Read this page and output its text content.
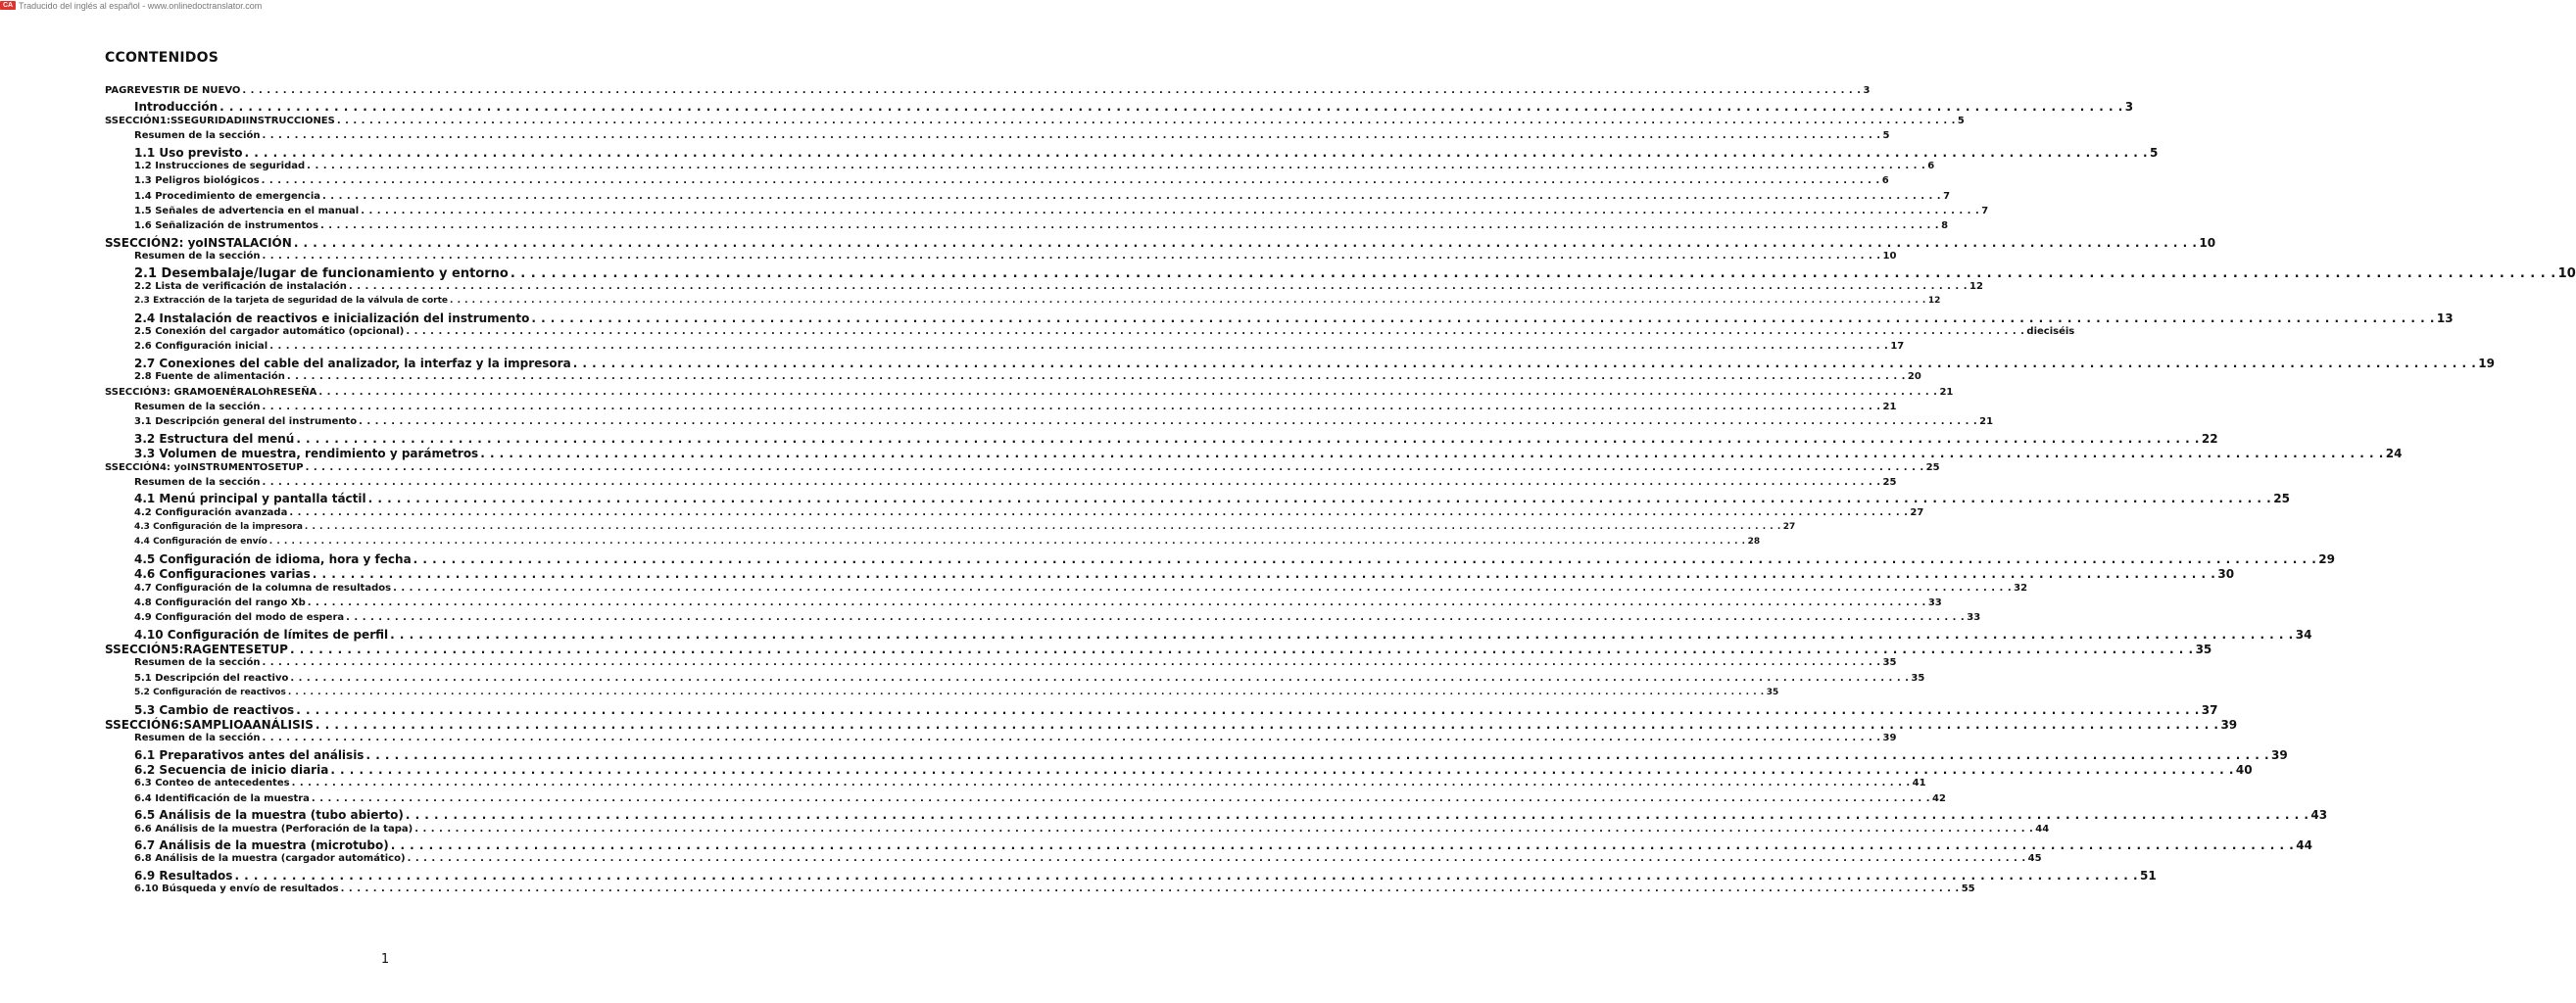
CA Traducido del inglés al español - www.onlinedoctranslator.com
CCONTENIDOS
PAGREVESTIR DE NUEVO . . . . . . . . . . . . . . . . . . . . . . . . . . . . . . . . . . . . . . . . . . . . . . . . . . . . . . . . . . . . . . . . . . . . . . . . . . . . . . . . . . . . . . . . . . . . . . . . . . . . . . . . . . . . . . . . . . . . . . . . . . . . . . . . . . . . . . . . . . . . . . . . . . . . . . . . . . . . . . . . . . . . . . . . . . . . . . . . . . . . . . . . . . . . . . . . . . . . . . . . 3
Introducción . . . . . . . . . . . . . . . . . . . . . . . . . . . . . . . . . . . . . . . . . . . . . . . . . . . . . . . . . . . . . . . . . . . . . . . . . . . . . . . . . . . . . . . . . . . . . . . . . . . . . . . . . . . . . . . . . . . . . . . . . . . . . . . . . . . . . . . . . . . . . . . . . . . . . . . . . . . . . . . . . . . . . . . . . . . . . . . . . . . . . . . . . . . . . . . . . . . . . . . . 3
SSECCIÓN1:SSEGURIDADIINSTRUCCIONES . . . . . . . . . . . . . . . . . . . . . . . . . . . . . . . . . . . . . . . . . . . . . . . . . . . . . . . . . . . . . . . . . . . . . . . . . . . . . . . . . . . . . . . . . . . . . . . . . . . . . . . . . . . . . . . . . . . . . . . . . . . . . . . . . . . . . . . . . . . . . . . . . . . . . . . . . . . . . . . . . . . . . . . . . . . . . . . . . . . . . . . . . . . . . . . . . . . . . . . . 5
Resumen de la sección . . . . . . . . . . . . . . . . . . . . . . . . . . . . . . . . . . . . . . . . . . . . . . . . . . . . . . . . . . . . . . . . . . . . . . . . . . . . . . . . . . . . . . . . . . . . . . . . . . . . . . . . . . . . . . . . . . . . . . . . . . . . . . . . . . . . . . . . . . . . . . . . . . . . . . . . . . . . . . . . . . . . . . . . . . . . . . . . . . . . . . . . . . . . . . . . . . . . . . . . 5
1.1 Uso previsto . . . . . . . . . . . . . . . . . . . . . . . . . . . . . . . . . . . . . . . . . . . . . . . . . . . . . . . . . . . . . . . . . . . . . . . . . . . . . . . . . . . . . . . . . . . . . . . . . . . . . . . . . . . . . . . . . . . . . . . . . . . . . . . . . . . . . . . . . . . . . . . . . . . . . . . . . . . . . . . . . . . . . . . . . . . . . . . . . . . . . . . . . . . . . . . . . . . . . . . . 5
1.2 Instrucciones de seguridad . . . . . . . . . . . . . . . . . . . . . . . . . . . . . . . . . . . . . . . . . . . . . . . . . . . . . . . . . . . . . . . . . . . . . . . . . . . . . . . . . . . . . . . . . . . . . . . . . . . . . . . . . . . . . . . . . . . . . . . . . . . . . . . . . . . . . . . . . . . . . . . . . . . . . . . . . . . . . . . . . . . . . . . . . . . . . . . . . . . . . . . . . . . . . . . . . . . . . . . . 6
1.3 Peligros biológicos . . . . . . . . . . . . . . . . . . . . . . . . . . . . . . . . . . . . . . . . . . . . . . . . . . . . . . . . . . . . . . . . . . . . . . . . . . . . . . . . . . . . . . . . . . . . . . . . . . . . . . . . . . . . . . . . . . . . . . . . . . . . . . . . . . . . . . . . . . . . . . . . . . . . . . . . . . . . . . . . . . . . . . . . . . . . . . . . . . . . . . . . . . . . . . . . . . . . . . . . 6
1.4 Procedimiento de emergencia . . . . . . . . . . . . . . . . . . . . . . . . . . . . . . . . . . . . . . . . . . . . . . . . . . . . . . . . . . . . . . . . . . . . . . . . . . . . . . . . . . . . . . . . . . . . . . . . . . . . . . . . . . . . . . . . . . . . . . . . . . . . . . . . . . . . . . . . . . . . . . . . . . . . . . . . . . . . . . . . . . . . . . . . . . . . . . . . . . . . . . . . . . . . . . . . . . . . . . . . 7
1.5 Señales de advertencia en el manual . . . . . . . . . . . . . . . . . . . . . . . . . . . . . . . . . . . . . . . . . . . . . . . . . . . . . . . . . . . . . . . . . . . . . . . . . . . . . . . . . . . . . . . . . . . . . . . . . . . . . . . . . . . . . . . . . . . . . . . . . . . . . . . . . . . . . . . . . . . . . . . . . . . . . . . . . . . . . . . . . . . . . . . . . . . . . . . . . . . . . . . . . . . . . . . . . . . . . . . . 7
1.6 Señalización de instrumentos . . . . . . . . . . . . . . . . . . . . . . . . . . . . . . . . . . . . . . . . . . . . . . . . . . . . . . . . . . . . . . . . . . . . . . . . . . . . . . . . . . . . . . . . . . . . . . . . . . . . . . . . . . . . . . . . . . . . . . . . . . . . . . . . . . . . . . . . . . . . . . . . . . . . . . . . . . . . . . . . . . . . . . . . . . . . . . . . . . . . . . . . . . . . . . . . . . . . . . . . 8
SSECCIÓN2: yoINSTALACIÓN . . . . . . . . . . . . . . . . . . . . . . . . . . . . . . . . . . . . . . . . . . . . . . . . . . . . . . . . . . . . . . . . . . . . . . . . . . . . . . . . . . . . . . . . . . . . . . . . . . . . . . . . . . . . . . . . . . . . . . . . . . . . . . . . . . . . . . . . . . . . . . . . . . . . . . . . . . . . . . . . . . . . . . . . . . . . . . . . . . . . . . . . . . . . . . . . . . . . . . . . 10
Resumen de la sección . . . . . . . . . . . . . . . . . . . . . . . . . . . . . . . . . . . . . . . . . . . . . . . . . . . . . . . . . . . . . . . . . . . . . . . . . . . . . . . . . . . . . . . . . . . . . . . . . . . . . . . . . . . . . . . . . . . . . . . . . . . . . . . . . . . . . . . . . . . . . . . . . . . . . . . . . . . . . . . . . . . . . . . . . . . . . . . . . . . . . . . . . . . . . . . . . . . . . . . . 10
2.1 Desembalaje/lugar de funcionamiento y entorno . . . . . . . . . . . . . . . . . . . . . . . . . . . . . . . . . . . . . . . . . . . . . . . . . . . . . . . . . . . . . . . . . . . . . . . . . . . . . . . . . . . . . . . . . . . . . . . . . . . . . . . . . . . . . . . . . . . . . . . . . . . . . . . . . . . . . . . . . . . . . . . . . . . . . . . . . . . . . . . . . . . . . . . . . . . . . . . . . . . . . . . . . . . . . . . . . . . . . . . . 10
2.2 Lista de verificación de instalación . . . . . . . . . . . . . . . . . . . . . . . . . . . . . . . . . . . . . . . . . . . . . . . . . . . . . . . . . . . . . . . . . . . . . . . . . . . . . . . . . . . . . . . . . . . . . . . . . . . . . . . . . . . . . . . . . . . . . . . . . . . . . . . . . . . . . . . . . . . . . . . . . . . . . . . . . . . . . . . . . . . . . . . . . . . . . . . . . . . . . . . . . . . . . . . . . . . . . . . . 12
2.3 Extracción de la tarjeta de seguridad de la válvula de corte . . . . . . . . . . . . . . . . . . . . . . . . . . . . . . . . . . . . . . . . . . . . . . . . . . . . . . . . . . . . . . . . . . . . . . . . . . . . . . . . . . . . . . . . . . . . . . . . . . . . . . . . . . . . . . . . . . . . . . . . . . . . . . . . . . . . . . . . . . . . . . . . . . . . . . . . . . . . . . . . . . . . . . . . . . . . . . . . . . . . . . . . . . . . . . . . . . . . . . . . 12
2.4 Instalación de reactivos e inicialización del instrumento . . . . . . . . . . . . . . . . . . . . . . . . . . . . . . . . . . . . . . . . . . . . . . . . . . . . . . . . . . . . . . . . . . . . . . . . . . . . . . . . . . . . . . . . . . . . . . . . . . . . . . . . . . . . . . . . . . . . . . . . . . . . . . . . . . . . . . . . . . . . . . . . . . . . . . . . . . . . . . . . . . . . . . . . . . . . . . . . . . . . . . . . . . . . . . . . . . . . . . . . 13
2.5 Conexión del cargador automático (opcional) . . . . . . . . . . . . . . . . . . . . . . . . . . . . . . . . . . . . . . . . . . . . . . . . . . . . . . . . . . . . . . . . . . . . . . . . . . . . . . . . . . . . . . . . . . . . . . . . . . . . . . . . . . . . . . . . . . . . . . . . . . . . . . . . . . . . . . . . . . . . . . . . . . . . . . . . . . . . . . . . . . . . . . . . . . . . . . . . . . . . . . . . . . . . . . . . . . . . . . . . dieciséis
2.6 Configuración inicial . . . . . . . . . . . . . . . . . . . . . . . . . . . . . . . . . . . . . . . . . . . . . . . . . . . . . . . . . . . . . . . . . . . . . . . . . . . . . . . . . . . . . . . . . . . . . . . . . . . . . . . . . . . . . . . . . . . . . . . . . . . . . . . . . . . . . . . . . . . . . . . . . . . . . . . . . . . . . . . . . . . . . . . . . . . . . . . . . . . . . . . . . . . . . . . . . . . . . . . . 17
2.7 Conexiones del cable del analizador, la interfaz y la impresora . . . . . . . . . . . . . . . . . . . . . . . . . . . . . . . . . . . . . . . . . . . . . . . . . . . . . . . . . . . . . . . . . . . . . . . . . . . . . . . . . . . . . . . . . . . . . . . . . . . . . . . . . . . . . . . . . . . . . . . . . . . . . . . . . . . . . . . . . . . . . . . . . . . . . . . . . . . . . . . . . . . . . . . . . . . . . . . . . . . . . . . . . . . . . . . . . . . . . . . . 19
2.8 Fuente de alimentación . . . . . . . . . . . . . . . . . . . . . . . . . . . . . . . . . . . . . . . . . . . . . . . . . . . . . . . . . . . . . . . . . . . . . . . . . . . . . . . . . . . . . . . . . . . . . . . . . . . . . . . . . . . . . . . . . . . . . . . . . . . . . . . . . . . . . . . . . . . . . . . . . . . . . . . . . . . . . . . . . . . . . . . . . . . . . . . . . . . . . . . . . . . . . . . . . . . . . . . . 20
SSECCIÓN3: GRAMOENÉRALOhRESEÑA . . . . . . . . . . . . . . . . . . . . . . . . . . . . . . . . . . . . . . . . . . . . . . . . . . . . . . . . . . . . . . . . . . . . . . . . . . . . . . . . . . . . . . . . . . . . . . . . . . . . . . . . . . . . . . . . . . . . . . . . . . . . . . . . . . . . . . . . . . . . . . . . . . . . . . . . . . . . . . . . . . . . . . . . . . . . . . . . . . . . . . . . . . . . . . . . . . . . . . . . 21
Resumen de la sección . . . . . . . . . . . . . . . . . . . . . . . . . . . . . . . . . . . . . . . . . . . . . . . . . . . . . . . . . . . . . . . . . . . . . . . . . . . . . . . . . . . . . . . . . . . . . . . . . . . . . . . . . . . . . . . . . . . . . . . . . . . . . . . . . . . . . . . . . . . . . . . . . . . . . . . . . . . . . . . . . . . . . . . . . . . . . . . . . . . . . . . . . . . . . . . . . . . . . . . . 21
3.1 Descripción general del instrumento . . . . . . . . . . . . . . . . . . . . . . . . . . . . . . . . . . . . . . . . . . . . . . . . . . . . . . . . . . . . . . . . . . . . . . . . . . . . . . . . . . . . . . . . . . . . . . . . . . . . . . . . . . . . . . . . . . . . . . . . . . . . . . . . . . . . . . . . . . . . . . . . . . . . . . . . . . . . . . . . . . . . . . . . . . . . . . . . . . . . . . . . . . . . . . . . . . . . . . . . 21
3.2 Estructura del menú . . . . . . . . . . . . . . . . . . . . . . . . . . . . . . . . . . . . . . . . . . . . . . . . . . . . . . . . . . . . . . . . . . . . . . . . . . . . . . . . . . . . . . . . . . . . . . . . . . . . . . . . . . . . . . . . . . . . . . . . . . . . . . . . . . . . . . . . . . . . . . . . . . . . . . . . . . . . . . . . . . . . . . . . . . . . . . . . . . . . . . . . . . . . . . . . . . . . . . . . 22
3.3 Volumen de muestra, rendimiento y parámetros . . . . . . . . . . . . . . . . . . . . . . . . . . . . . . . . . . . . . . . . . . . . . . . . . . . . . . . . . . . . . . . . . . . . . . . . . . . . . . . . . . . . . . . . . . . . . . . . . . . . . . . . . . . . . . . . . . . . . . . . . . . . . . . . . . . . . . . . . . . . . . . . . . . . . . . . . . . . . . . . . . . . . . . . . . . . . . . . . . . . . . . . . . . . . . . . . . . . . . . . 24
SSECCIÓN4: yoINSTRUMENTOSETUP . . . . . . . . . . . . . . . . . . . . . . . . . . . . . . . . . . . . . . . . . . . . . . . . . . . . . . . . . . . . . . . . . . . . . . . . . . . . . . . . . . . . . . . . . . . . . . . . . . . . . . . . . . . . . . . . . . . . . . . . . . . . . . . . . . . . . . . . . . . . . . . . . . . . . . . . . . . . . . . . . . . . . . . . . . . . . . . . . . . . . . . . . . . . . . . . . . . . . . . . 25
Resumen de la sección . . . . . . . . . . . . . . . . . . . . . . . . . . . . . . . . . . . . . . . . . . . . . . . . . . . . . . . . . . . . . . . . . . . . . . . . . . . . . . . . . . . . . . . . . . . . . . . . . . . . . . . . . . . . . . . . . . . . . . . . . . . . . . . . . . . . . . . . . . . . . . . . . . . . . . . . . . . . . . . . . . . . . . . . . . . . . . . . . . . . . . . . . . . . . . . . . . . . . . . . 25
4.1 Menú principal y pantalla táctil . . . . . . . . . . . . . . . . . . . . . . . . . . . . . . . . . . . . . . . . . . . . . . . . . . . . . . . . . . . . . . . . . . . . . . . . . . . . . . . . . . . . . . . . . . . . . . . . . . . . . . . . . . . . . . . . . . . . . . . . . . . . . . . . . . . . . . . . . . . . . . . . . . . . . . . . . . . . . . . . . . . . . . . . . . . . . . . . . . . . . . . . . . . . . . . . . . . . . . . . 25
4.2 Configuración avanzada . . . . . . . . . . . . . . . . . . . . . . . . . . . . . . . . . . . . . . . . . . . . . . . . . . . . . . . . . . . . . . . . . . . . . . . . . . . . . . . . . . . . . . . . . . . . . . . . . . . . . . . . . . . . . . . . . . . . . . . . . . . . . . . . . . . . . . . . . . . . . . . . . . . . . . . . . . . . . . . . . . . . . . . . . . . . . . . . . . . . . . . . . . . . . . . . . . . . . . . . 27
4.3 Configuración de la impresora . . . . . . . . . . . . . . . . . . . . . . . . . . . . . . . . . . . . . . . . . . . . . . . . . . . . . . . . . . . . . . . . . . . . . . . . . . . . . . . . . . . . . . . . . . . . . . . . . . . . . . . . . . . . . . . . . . . . . . . . . . . . . . . . . . . . . . . . . . . . . . . . . . . . . . . . . . . . . . . . . . . . . . . . . . . . . . . . . . . . . . . . . . . . . . . . . . . . . . . . 27
4.4 Configuración de envío . . . . . . . . . . . . . . . . . . . . . . . . . . . . . . . . . . . . . . . . . . . . . . . . . . . . . . . . . . . . . . . . . . . . . . . . . . . . . . . . . . . . . . . . . . . . . . . . . . . . . . . . . . . . . . . . . . . . . . . . . . . . . . . . . . . . . . . . . . . . . . . . . . . . . . . . . . . . . . . . . . . . . . . . . . . . . . . . . . . . . . . . . . . . . . . . . . . . . . . . 28
4.5 Configuración de idioma, hora y fecha . . . . . . . . . . . . . . . . . . . . . . . . . . . . . . . . . . . . . . . . . . . . . . . . . . . . . . . . . . . . . . . . . . . . . . . . . . . . . . . . . . . . . . . . . . . . . . . . . . . . . . . . . . . . . . . . . . . . . . . . . . . . . . . . . . . . . . . . . . . . . . . . . . . . . . . . . . . . . . . . . . . . . . . . . . . . . . . . . . . . . . . . . . . . . . . . . . . . . . . . 29
4.6 Configuraciones varias . . . . . . . . . . . . . . . . . . . . . . . . . . . . . . . . . . . . . . . . . . . . . . . . . . . . . . . . . . . . . . . . . . . . . . . . . . . . . . . . . . . . . . . . . . . . . . . . . . . . . . . . . . . . . . . . . . . . . . . . . . . . . . . . . . . . . . . . . . . . . . . . . . . . . . . . . . . . . . . . . . . . . . . . . . . . . . . . . . . . . . . . . . . . . . . . . . . . . . . . 30
4.7 Configuración de la columna de resultados . . . . . . . . . . . . . . . . . . . . . . . . . . . . . . . . . . . . . . . . . . . . . . . . . . . . . . . . . . . . . . . . . . . . . . . . . . . . . . . . . . . . . . . . . . . . . . . . . . . . . . . . . . . . . . . . . . . . . . . . . . . . . . . . . . . . . . . . . . . . . . . . . . . . . . . . . . . . . . . . . . . . . . . . . . . . . . . . . . . . . . . . . . . . . . . . . . . . . . . . 32
4.8 Configuración del rango Xb . . . . . . . . . . . . . . . . . . . . . . . . . . . . . . . . . . . . . . . . . . . . . . . . . . . . . . . . . . . . . . . . . . . . . . . . . . . . . . . . . . . . . . . . . . . . . . . . . . . . . . . . . . . . . . . . . . . . . . . . . . . . . . . . . . . . . . . . . . . . . . . . . . . . . . . . . . . . . . . . . . . . . . . . . . . . . . . . . . . . . . . . . . . . . . . . . . . . . . . . 33
4.9 Configuración del modo de espera . . . . . . . . . . . . . . . . . . . . . . . . . . . . . . . . . . . . . . . . . . . . . . . . . . . . . . . . . . . . . . . . . . . . . . . . . . . . . . . . . . . . . . . . . . . . . . . . . . . . . . . . . . . . . . . . . . . . . . . . . . . . . . . . . . . . . . . . . . . . . . . . . . . . . . . . . . . . . . . . . . . . . . . . . . . . . . . . . . . . . . . . . . . . . . . . . . . . . . . . 33
4.10 Configuración de límites de perfil . . . . . . . . . . . . . . . . . . . . . . . . . . . . . . . . . . . . . . . . . . . . . . . . . . . . . . . . . . . . . . . . . . . . . . . . . . . . . . . . . . . . . . . . . . . . . . . . . . . . . . . . . . . . . . . . . . . . . . . . . . . . . . . . . . . . . . . . . . . . . . . . . . . . . . . . . . . . . . . . . . . . . . . . . . . . . . . . . . . . . . . . . . . . . . . . . . . . . . . . 34
SSECCIÓN5:RAGENTESETUP . . . . . . . . . . . . . . . . . . . . . . . . . . . . . . . . . . . . . . . . . . . . . . . . . . . . . . . . . . . . . . . . . . . . . . . . . . . . . . . . . . . . . . . . . . . . . . . . . . . . . . . . . . . . . . . . . . . . . . . . . . . . . . . . . . . . . . . . . . . . . . . . . . . . . . . . . . . . . . . . . . . . . . . . . . . . . . . . . . . . . . . . . . . . . . . . . . . . . . . . 35
Resumen de la sección . . . . . . . . . . . . . . . . . . . . . . . . . . . . . . . . . . . . . . . . . . . . . . . . . . . . . . . . . . . . . . . . . . . . . . . . . . . . . . . . . . . . . . . . . . . . . . . . . . . . . . . . . . . . . . . . . . . . . . . . . . . . . . . . . . . . . . . . . . . . . . . . . . . . . . . . . . . . . . . . . . . . . . . . . . . . . . . . . . . . . . . . . . . . . . . . . . . . . . . . 35
5.1 Descripción del reactivo . . . . . . . . . . . . . . . . . . . . . . . . . . . . . . . . . . . . . . . . . . . . . . . . . . . . . . . . . . . . . . . . . . . . . . . . . . . . . . . . . . . . . . . . . . . . . . . . . . . . . . . . . . . . . . . . . . . . . . . . . . . . . . . . . . . . . . . . . . . . . . . . . . . . . . . . . . . . . . . . . . . . . . . . . . . . . . . . . . . . . . . . . . . . . . . . . . . . . . . . 35
5.2 Configuración de reactivos . . . . . . . . . . . . . . . . . . . . . . . . . . . . . . . . . . . . . . . . . . . . . . . . . . . . . . . . . . . . . . . . . . . . . . . . . . . . . . . . . . . . . . . . . . . . . . . . . . . . . . . . . . . . . . . . . . . . . . . . . . . . . . . . . . . . . . . . . . . . . . . . . . . . . . . . . . . . . . . . . . . . . . . . . . . . . . . . . . . . . . . . . . . . . . . . . . . . . . . . 35
5.3 Cambio de reactivos . . . . . . . . . . . . . . . . . . . . . . . . . . . . . . . . . . . . . . . . . . . . . . . . . . . . . . . . . . . . . . . . . . . . . . . . . . . . . . . . . . . . . . . . . . . . . . . . . . . . . . . . . . . . . . . . . . . . . . . . . . . . . . . . . . . . . . . . . . . . . . . . . . . . . . . . . . . . . . . . . . . . . . . . . . . . . . . . . . . . . . . . . . . . . . . . . . . . . . . . 37
SSECCIÓN6:SAMPLIOAANÁLISIS . . . . . . . . . . . . . . . . . . . . . . . . . . . . . . . . . . . . . . . . . . . . . . . . . . . . . . . . . . . . . . . . . . . . . . . . . . . . . . . . . . . . . . . . . . . . . . . . . . . . . . . . . . . . . . . . . . . . . . . . . . . . . . . . . . . . . . . . . . . . . . . . . . . . . . . . . . . . . . . . . . . . . . . . . . . . . . . . . . . . . . . . . . . . . . . . . . . . . . . . 39
Resumen de la sección . . . . . . . . . . . . . . . . . . . . . . . . . . . . . . . . . . . . . . . . . . . . . . . . . . . . . . . . . . . . . . . . . . . . . . . . . . . . . . . . . . . . . . . . . . . . . . . . . . . . . . . . . . . . . . . . . . . . . . . . . . . . . . . . . . . . . . . . . . . . . . . . . . . . . . . . . . . . . . . . . . . . . . . . . . . . . . . . . . . . . . . . . . . . . . . . . . . . . . . . 39
6.1 Preparativos antes del análisis . . . . . . . . . . . . . . . . . . . . . . . . . . . . . . . . . . . . . . . . . . . . . . . . . . . . . . . . . . . . . . . . . . . . . . . . . . . . . . . . . . . . . . . . . . . . . . . . . . . . . . . . . . . . . . . . . . . . . . . . . . . . . . . . . . . . . . . . . . . . . . . . . . . . . . . . . . . . . . . . . . . . . . . . . . . . . . . . . . . . . . . . . . . . . . . . . . . . . . . . 39
6.2 Secuencia de inicio diaria . . . . . . . . . . . . . . . . . . . . . . . . . . . . . . . . . . . . . . . . . . . . . . . . . . . . . . . . . . . . . . . . . . . . . . . . . . . . . . . . . . . . . . . . . . . . . . . . . . . . . . . . . . . . . . . . . . . . . . . . . . . . . . . . . . . . . . . . . . . . . . . . . . . . . . . . . . . . . . . . . . . . . . . . . . . . . . . . . . . . . . . . . . . . . . . . . . . . . . . . 40
6.3 Conteo de antecedentes . . . . . . . . . . . . . . . . . . . . . . . . . . . . . . . . . . . . . . . . . . . . . . . . . . . . . . . . . . . . . . . . . . . . . . . . . . . . . . . . . . . . . . . . . . . . . . . . . . . . . . . . . . . . . . . . . . . . . . . . . . . . . . . . . . . . . . . . . . . . . . . . . . . . . . . . . . . . . . . . . . . . . . . . . . . . . . . . . . . . . . . . . . . . . . . . . . . . . . . . 41
6.4 Identificación de la muestra . . . . . . . . . . . . . . . . . . . . . . . . . . . . . . . . . . . . . . . . . . . . . . . . . . . . . . . . . . . . . . . . . . . . . . . . . . . . . . . . . . . . . . . . . . . . . . . . . . . . . . . . . . . . . . . . . . . . . . . . . . . . . . . . . . . . . . . . . . . . . . . . . . . . . . . . . . . . . . . . . . . . . . . . . . . . . . . . . . . . . . . . . . . . . . . . . . . . . . . . 42
6.5 Análisis de la muestra (tubo abierto) . . . . . . . . . . . . . . . . . . . . . . . . . . . . . . . . . . . . . . . . . . . . . . . . . . . . . . . . . . . . . . . . . . . . . . . . . . . . . . . . . . . . . . . . . . . . . . . . . . . . . . . . . . . . . . . . . . . . . . . . . . . . . . . . . . . . . . . . . . . . . . . . . . . . . . . . . . . . . . . . . . . . . . . . . . . . . . . . . . . . . . . . . . . . . . . . . . . . . . . . 43
6.6 Análisis de la muestra (Perforación de la tapa) . . . . . . . . . . . . . . . . . . . . . . . . . . . . . . . . . . . . . . . . . . . . . . . . . . . . . . . . . . . . . . . . . . . . . . . . . . . . . . . . . . . . . . . . . . . . . . . . . . . . . . . . . . . . . . . . . . . . . . . . . . . . . . . . . . . . . . . . . . . . . . . . . . . . . . . . . . . . . . . . . . . . . . . . . . . . . . . . . . . . . . . . . . . . . . . . . . . . . . . . 44
6.7 Análisis de la muestra (microtubo) . . . . . . . . . . . . . . . . . . . . . . . . . . . . . . . . . . . . . . . . . . . . . . . . . . . . . . . . . . . . . . . . . . . . . . . . . . . . . . . . . . . . . . . . . . . . . . . . . . . . . . . . . . . . . . . . . . . . . . . . . . . . . . . . . . . . . . . . . . . . . . . . . . . . . . . . . . . . . . . . . . . . . . . . . . . . . . . . . . . . . . . . . . . . . . . . . . . . . . . . 44
6.8 Análisis de la muestra (cargador automático) . . . . . . . . . . . . . . . . . . . . . . . . . . . . . . . . . . . . . . . . . . . . . . . . . . . . . . . . . . . . . . . . . . . . . . . . . . . . . . . . . . . . . . . . . . . . . . . . . . . . . . . . . . . . . . . . . . . . . . . . . . . . . . . . . . . . . . . . . . . . . . . . . . . . . . . . . . . . . . . . . . . . . . . . . . . . . . . . . . . . . . . . . . . . . . . . . . . . . . . . 45
6.9 Resultados . . . . . . . . . . . . . . . . . . . . . . . . . . . . . . . . . . . . . . . . . . . . . . . . . . . . . . . . . . . . . . . . . . . . . . . . . . . . . . . . . . . . . . . . . . . . . . . . . . . . . . . . . . . . . . . . . . . . . . . . . . . . . . . . . . . . . . . . . . . . . . . . . . . . . . . . . . . . . . . . . . . . . . . . . . . . . . . . . . . . . . . . . . . . . . . . . . . . . . . . 51
6.10 Búsqueda y envío de resultados . . . . . . . . . . . . . . . . . . . . . . . . . . . . . . . . . . . . . . . . . . . . . . . . . . . . . . . . . . . . . . . . . . . . . . . . . . . . . . . . . . . . . . . . . . . . . . . . . . . . . . . . . . . . . . . . . . . . . . . . . . . . . . . . . . . . . . . . . . . . . . . . . . . . . . . . . . . . . . . . . . . . . . . . . . . . . . . . . . . . . . . . . . . . . . . . . . . . . . . . 55
1
